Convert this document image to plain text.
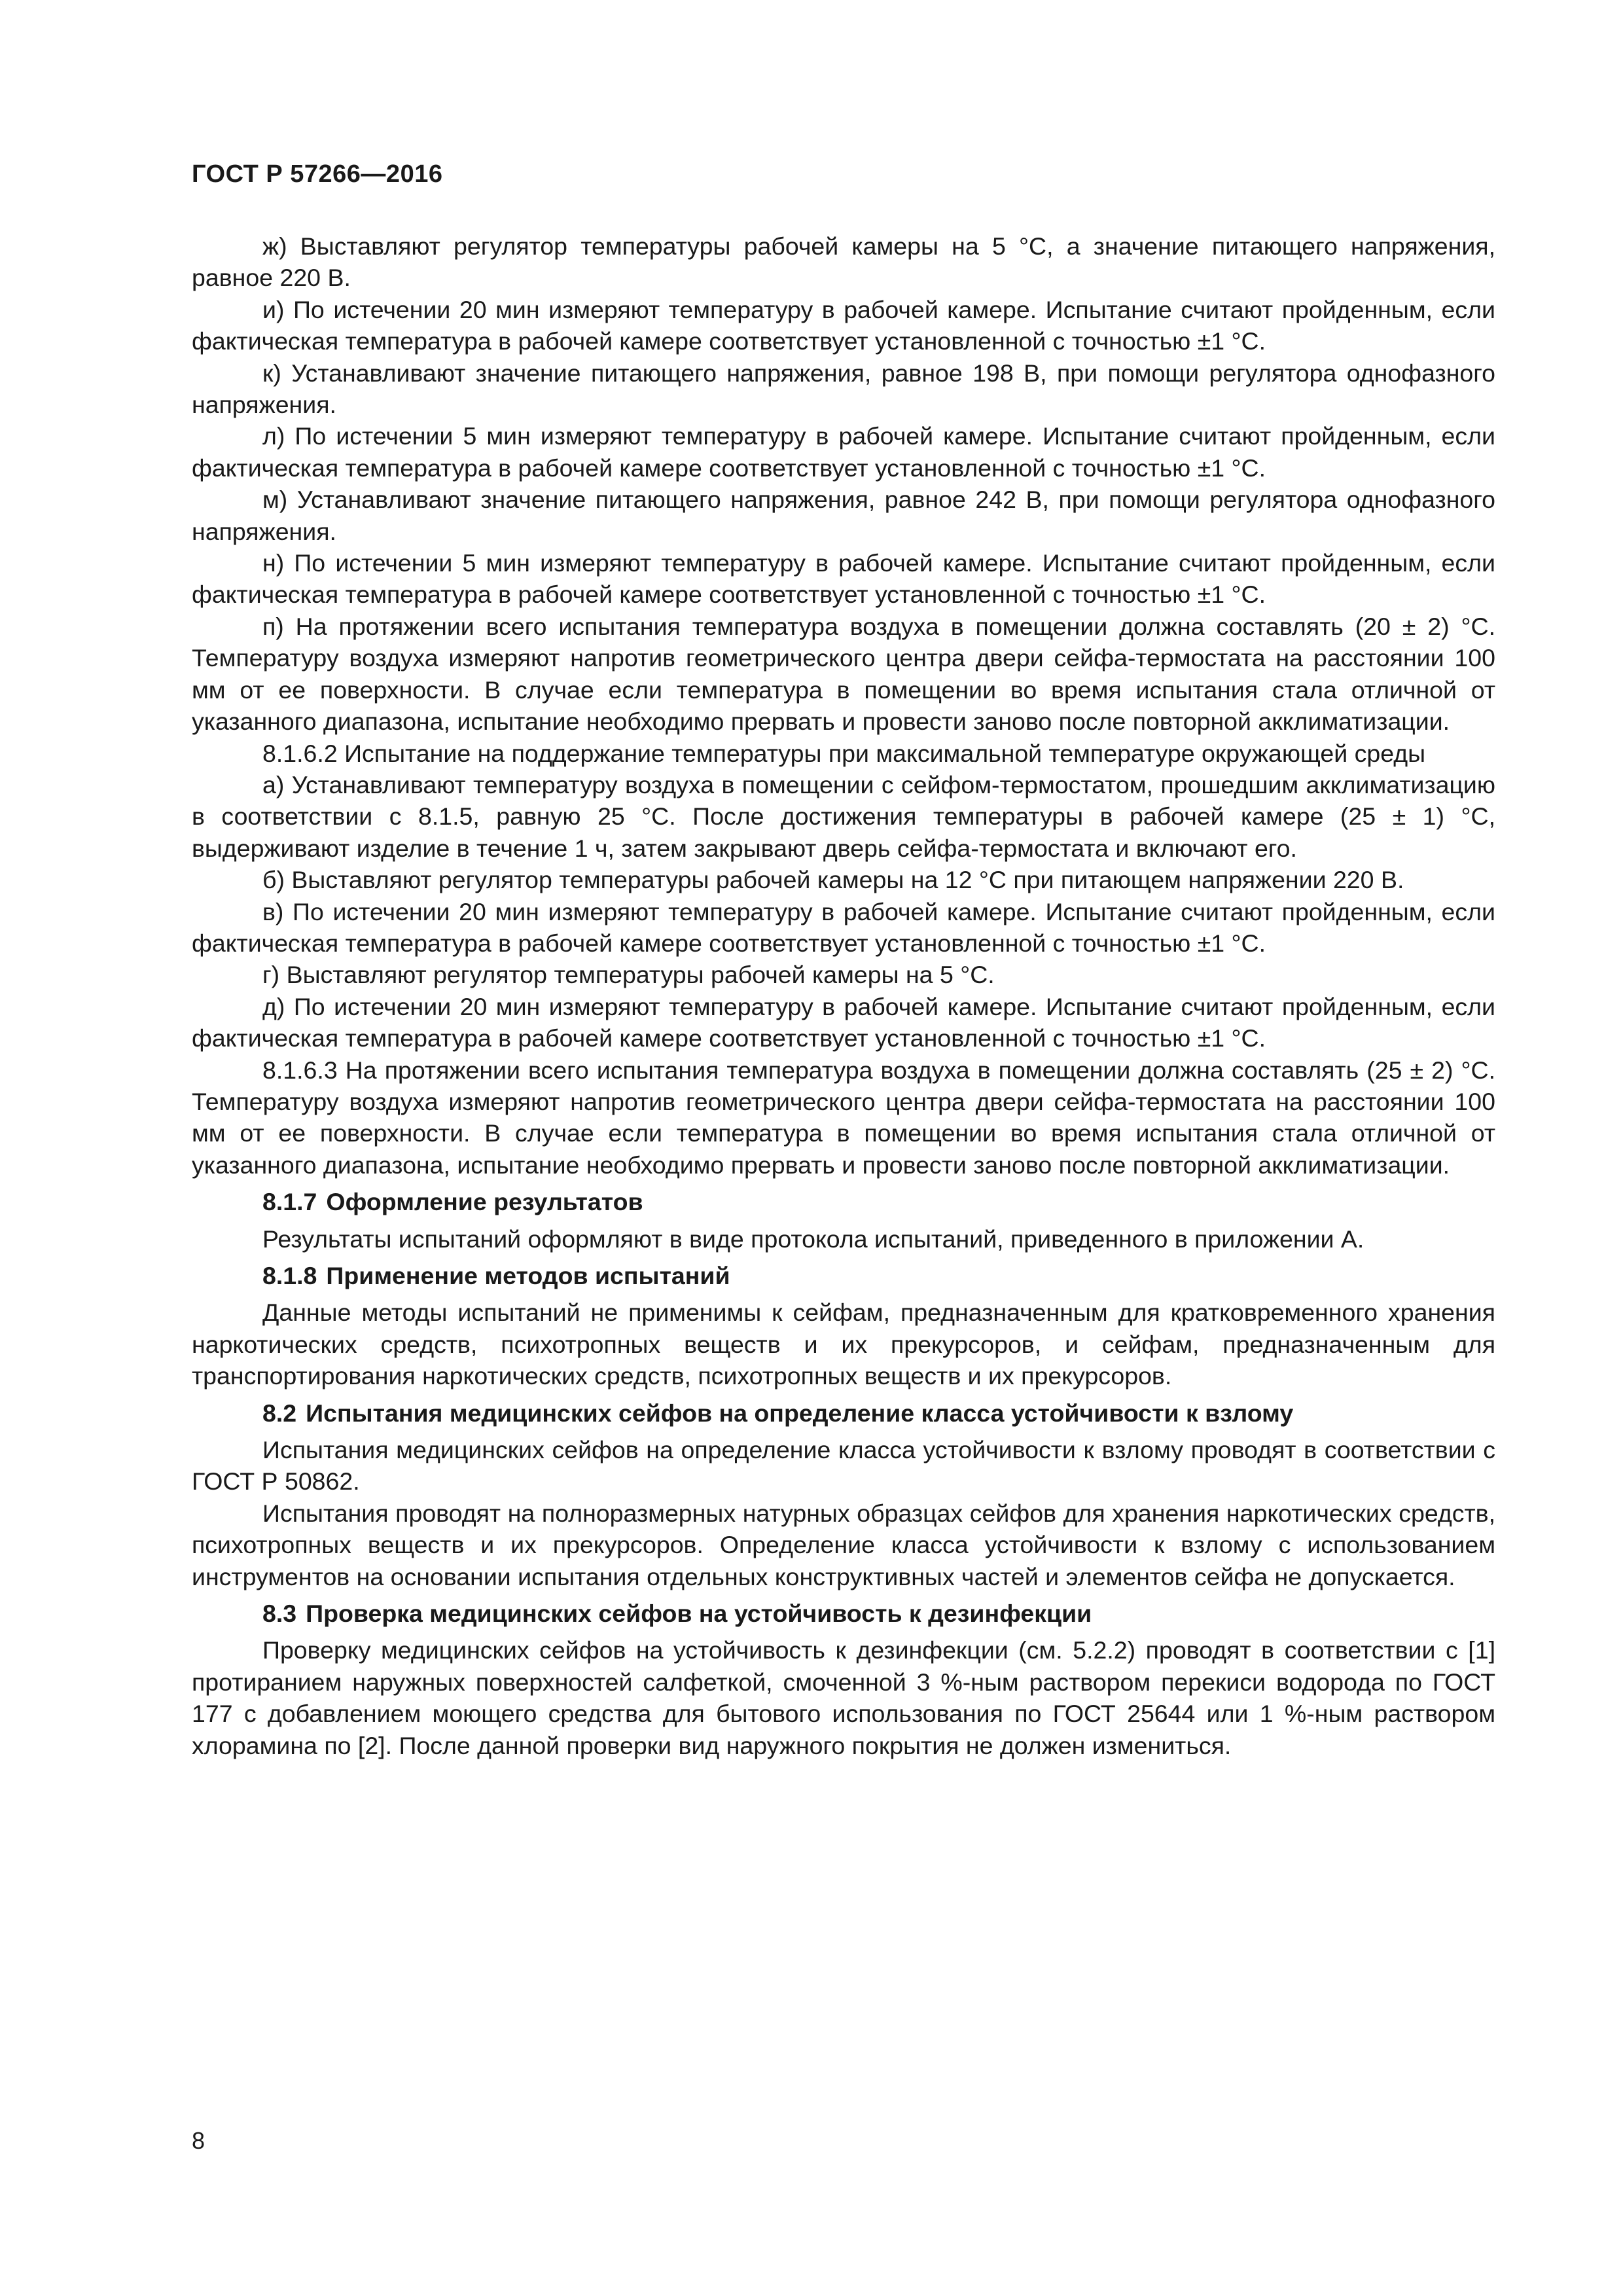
ГОСТ Р 57266—2016

ж) Выставляют регулятор температуры рабочей камеры на 5 °С, а значение питающего напряжения, равное 220 В.

и) По истечении 20 мин измеряют температуру в рабочей камере. Испытание считают пройденным, если фактическая температура в рабочей камере соответствует установленной с точностью ±1 °С.

к) Устанавливают значение питающего напряжения, равное 198 В, при помощи регулятора однофазного напряжения.

л) По истечении 5 мин измеряют температуру в рабочей камере. Испытание считают пройденным, если фактическая температура в рабочей камере соответствует установленной с точностью ±1 °С.

м) Устанавливают значение питающего напряжения, равное 242 В, при помощи регулятора однофазного напряжения.

н) По истечении 5 мин измеряют температуру в рабочей камере. Испытание считают пройденным, если фактическая температура в рабочей камере соответствует установленной с точностью ±1 °С.

п) На протяжении всего испытания температура воздуха в помещении должна составлять (20 ± 2) °С. Температуру воздуха измеряют напротив геометрического центра двери сейфа-термостата на расстоянии 100 мм от ее поверхности. В случае если температура в помещении во время испытания стала отличной от указанного диапазона, испытание необходимо прервать и провести заново после повторной акклиматизации.

8.1.6.2 Испытание на поддержание температуры при максимальной температуре окружающей среды

а) Устанавливают температуру воздуха в помещении с сейфом-термостатом, прошедшим акклиматизацию в соответствии с 8.1.5, равную 25 °С. После достижения температуры в рабочей камере (25 ± 1) °С, выдерживают изделие в течение 1 ч, затем закрывают дверь сейфа-термостата и включают его.

б) Выставляют регулятор температуры рабочей камеры на 12 °С при питающем напряжении 220 В.

в) По истечении 20 мин измеряют температуру в рабочей камере. Испытание считают пройденным, если фактическая температура в рабочей камере соответствует установленной с точностью ±1 °С.

г) Выставляют регулятор температуры рабочей камеры на 5 °С.

д) По истечении 20 мин измеряют температуру в рабочей камере. Испытание считают пройденным, если фактическая температура в рабочей камере соответствует установленной с точностью ±1 °С.

8.1.6.3 На протяжении всего испытания температура воздуха в помещении должна составлять (25 ± 2) °С. Температуру воздуха измеряют напротив геометрического центра двери сейфа-термостата на расстоянии 100 мм от ее поверхности. В случае если температура в помещении во время испытания стала отличной от указанного диапазона, испытание необходимо прервать и провести заново после повторной акклиматизации.

8.1.7 Оформление результатов

Результаты испытаний оформляют в виде протокола испытаний, приведенного в приложении А.

8.1.8 Применение методов испытаний

Данные методы испытаний не применимы к сейфам, предназначенным для кратковременного хранения наркотических средств, психотропных веществ и их прекурсоров, и сейфам, предназначенным для транспортирования наркотических средств, психотропных веществ и их прекурсоров.

8.2 Испытания медицинских сейфов на определение класса устойчивости к взлому

Испытания медицинских сейфов на определение класса устойчивости к взлому проводят в соответствии с ГОСТ Р 50862.

Испытания проводят на полноразмерных натурных образцах сейфов для хранения наркотических средств, психотропных веществ и их прекурсоров. Определение класса устойчивости к взлому с использованием инструментов на основании испытания отдельных конструктивных частей и элементов сейфа не допускается.

8.3 Проверка медицинских сейфов на устойчивость к дезинфекции

Проверку медицинских сейфов на устойчивость к дезинфекции (см. 5.2.2) проводят в соответствии с [1] протиранием наружных поверхностей салфеткой, смоченной 3 %-ным раствором перекиси водорода по ГОСТ 177 с добавлением моющего средства для бытового использования по ГОСТ 25644 или 1 %-ным раствором хлорамина по [2]. После данной проверки вид наружного покрытия не должен измениться.

8
